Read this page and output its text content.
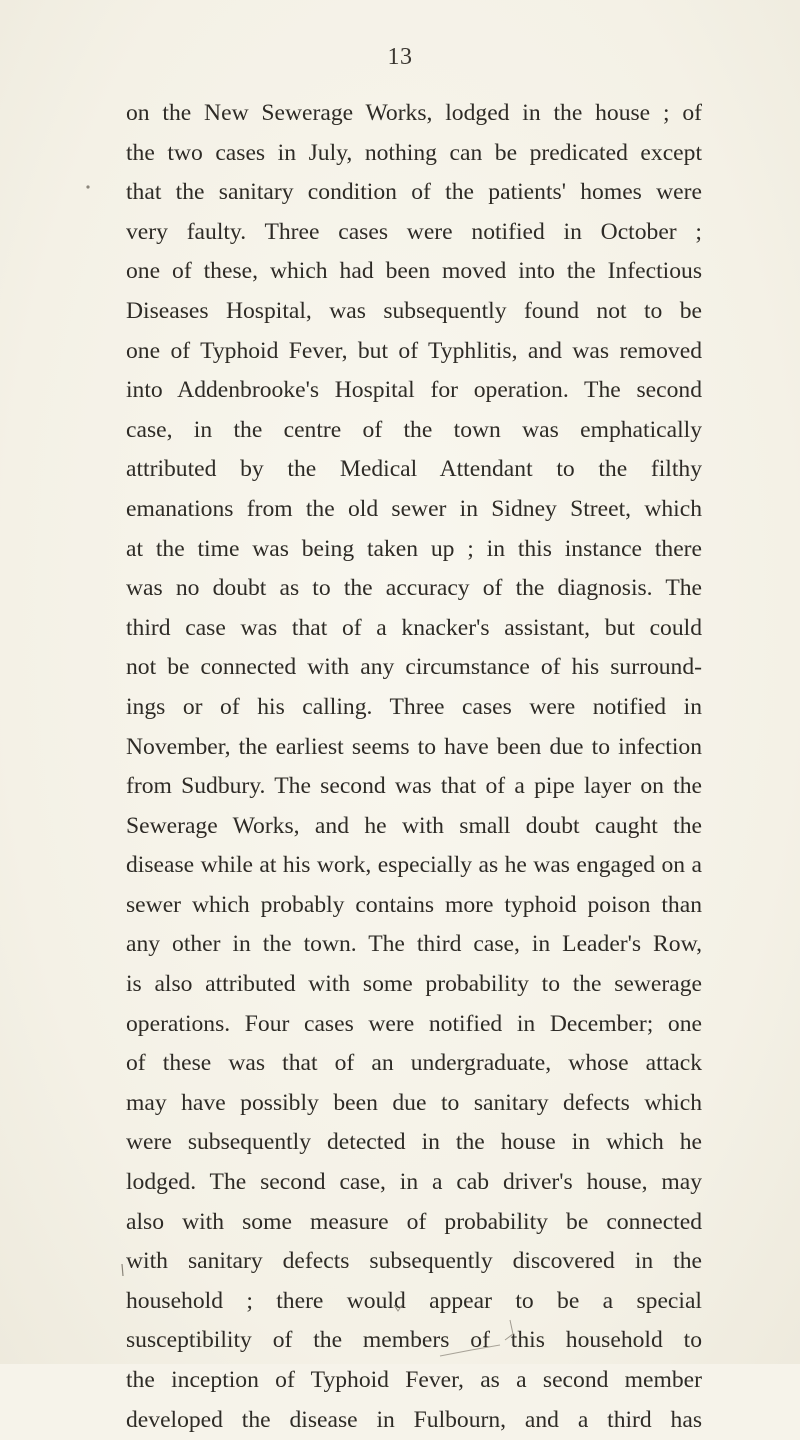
13
on the New Sewerage Works, lodged in the house ; of
the two cases in July, nothing can be predicated except
that the sanitary condition of the patients' homes were
very faulty. Three cases were notified in October ;
one of these, which had been moved into the Infectious
Diseases Hospital, was subsequently found not to be
one of Typhoid Fever, but of Typhlitis, and was removed
into Addenbrooke's Hospital for operation. The second
case, in the centre of the town was emphatically
attributed by the Medical Attendant to the filthy
emanations from the old sewer in Sidney Street, which
at the time was being taken up ; in this instance there
was no doubt as to the accuracy of the diagnosis. The
third case was that of a knacker's assistant, but could
not be connected with any circumstance of his surround-
ings or of his calling. Three cases were notified in
November, the earliest seems to have been due to infection
from Sudbury. The second was that of a pipe layer on the
Sewerage Works, and he with small doubt caught the
disease while at his work, especially as he was engaged on a
sewer which probably contains more typhoid poison than
any other in the town. The third case, in Leader's Row,
is also attributed with some probability to the sewerage
operations. Four cases were notified in December; one
of these was that of an undergraduate, whose attack
may have possibly been due to sanitary defects which
were subsequently detected in the house in which he
lodged. The second case, in a cab driver's house, may
also with some measure of probability be connected
with sanitary defects subsequently discovered in the
household ; there would appear to be a special
susceptibility of the members of this household to
the inception of Typhoid Fever, as a second member
developed the disease in Fulbourn, and a third has
